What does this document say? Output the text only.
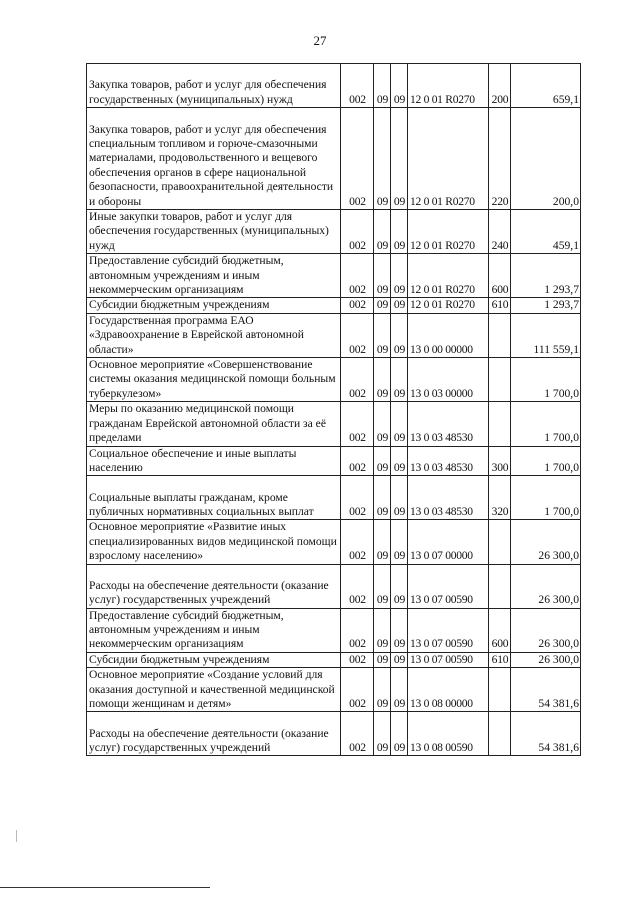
27
Закупка товаров, работ и услуг для обеспечения государственных (муниципальных) нужд	002	09	09	12 0 01 R0270	200	659,1
Закупка товаров, работ и услуг для обеспечения специальным топливом и горюче-смазочными материалами, продовольственного и вещевого обеспечения органов в сфере национальной безопасности, правоохранительной деятельности и обороны	002	09	09	12 0 01 R0270	220	200,0
Иные закупки товаров, работ и услуг для обеспечения государственных (муниципальных) нужд	002	09	09	12 0 01 R0270	240	459,1
Предоставление субсидий бюджетным, автономным учреждениям и иным некоммерческим организациям	002	09	09	12 0 01 R0270	600	1 293,7
Субсидии бюджетным учреждениям	002	09	09	12 0 01 R0270	610	1 293,7
Государственная программа ЕАО «Здравоохранение в Еврейской автономной области»	002	09	09	13 0 00 00000		111 559,1
Основное мероприятие «Совершенствование системы оказания медицинской помощи больным туберкулезом»	002	09	09	13 0 03 00000		1 700,0
Меры по оказанию медицинской помощи гражданам Еврейской автономной области за её пределами	002	09	09	13 0 03 48530		1 700,0
Социальное обеспечение и иные выплаты населению	002	09	09	13 0 03 48530	300	1 700,0
Социальные выплаты гражданам, кроме публичных нормативных социальных выплат	002	09	09	13 0 03 48530	320	1 700,0
Основное мероприятие «Развитие иных специализированных видов медицинской помощи взрослому населению»	002	09	09	13 0 07 00000		26 300,0
Расходы на обеспечение деятельности (оказание услуг) государственных учреждений	002	09	09	13 0 07 00590		26 300,0
Предоставление субсидий бюджетным, автономным учреждениям и иным некоммерческим организациям	002	09	09	13 0 07 00590	600	26 300,0
Субсидии бюджетным учреждениям	002	09	09	13 0 07 00590	610	26 300,0
Основное мероприятие «Создание условий для оказания доступной и качественной медицинской помощи женщинам и детям»	002	09	09	13 0 08 00000		54 381,6
Расходы на обеспечение деятельности (оказание услуг) государственных учреждений	002	09	09	13 0 08 00590		54 381,6
